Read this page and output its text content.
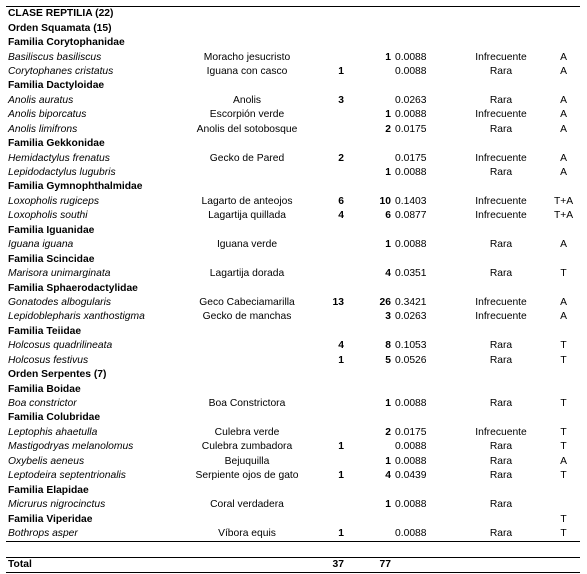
CLASE REPTILIA (22)						
Orden Squamata (15)						
Familia Corytophanidae						
Basiliscus basiliscus	Moracho jesucristo		1	0.0088	Infrecuente	A
Corytophanes cristatus	Iguana con casco	1		0.0088	Rara	A
Familia Dactyloidae						
Anolis auratus	Anolis	3		0.0263	Rara	A
Anolis biporcatus	Escorpión verde		1	0.0088	Infrecuente	A
Anolis limifrons	Anolis del sotobosque		2	0.0175	Rara	A
Familia Gekkonidae						
Hemidactylus frenatus	Gecko de Pared	2		0.0175	Infrecuente	A
Lepidodactylus lugubris			1	0.0088	Rara	A
Familia Gymnophthalmidae						
Loxopholis rugiceps	Lagarto de anteojos	6	10	0.1403	Infrecuente	T+A
Loxopholis southi	Lagartija quillada	4	6	0.0877	Infrecuente	T+A
Familia Iguanidae						
Iguana iguana	Iguana verde		1	0.0088	Rara	A
Familia Scincidae						
Marisora unimarginata	Lagartija dorada		4	0.0351	Rara	T
Familia Sphaerodactylidae						
Gonatodes albogularis	Geco Cabeciamarilla	13	26	0.3421	Infrecuente	A
Lepidoblepharis xanthostigma	Gecko de manchas		3	0.0263	Infrecuente	A
Familia Teiidae						
Holcosus quadrilineata		4	8	0.1053	Rara	T
Holcosus festivus		1	5	0.0526	Rara	T
Orden Serpentes (7)						
Familia Boidae						
Boa constrictor	Boa Constrictora		1	0.0088	Rara	T
Familia Colubridae						
Leptophis ahaetulla	Culebra verde		2	0.0175	Infrecuente	T
Mastigodryas melanolomus	Culebra zumbadora	1		0.0088	Rara	T
Oxybelis aeneus	Bejuquilla		1	0.0088	Rara	A
Leptodeira septentrionalis	Serpiente ojos de gato	1	4	0.0439	Rara	T
Familia Elapidae						
Micrurus nigrocinctus	Coral verdadera		1	0.0088	Rara	
Familia Viperidae						T
Bothrops asper	Víbora equis	1		0.0088	Rara	T

Total		37	77			
